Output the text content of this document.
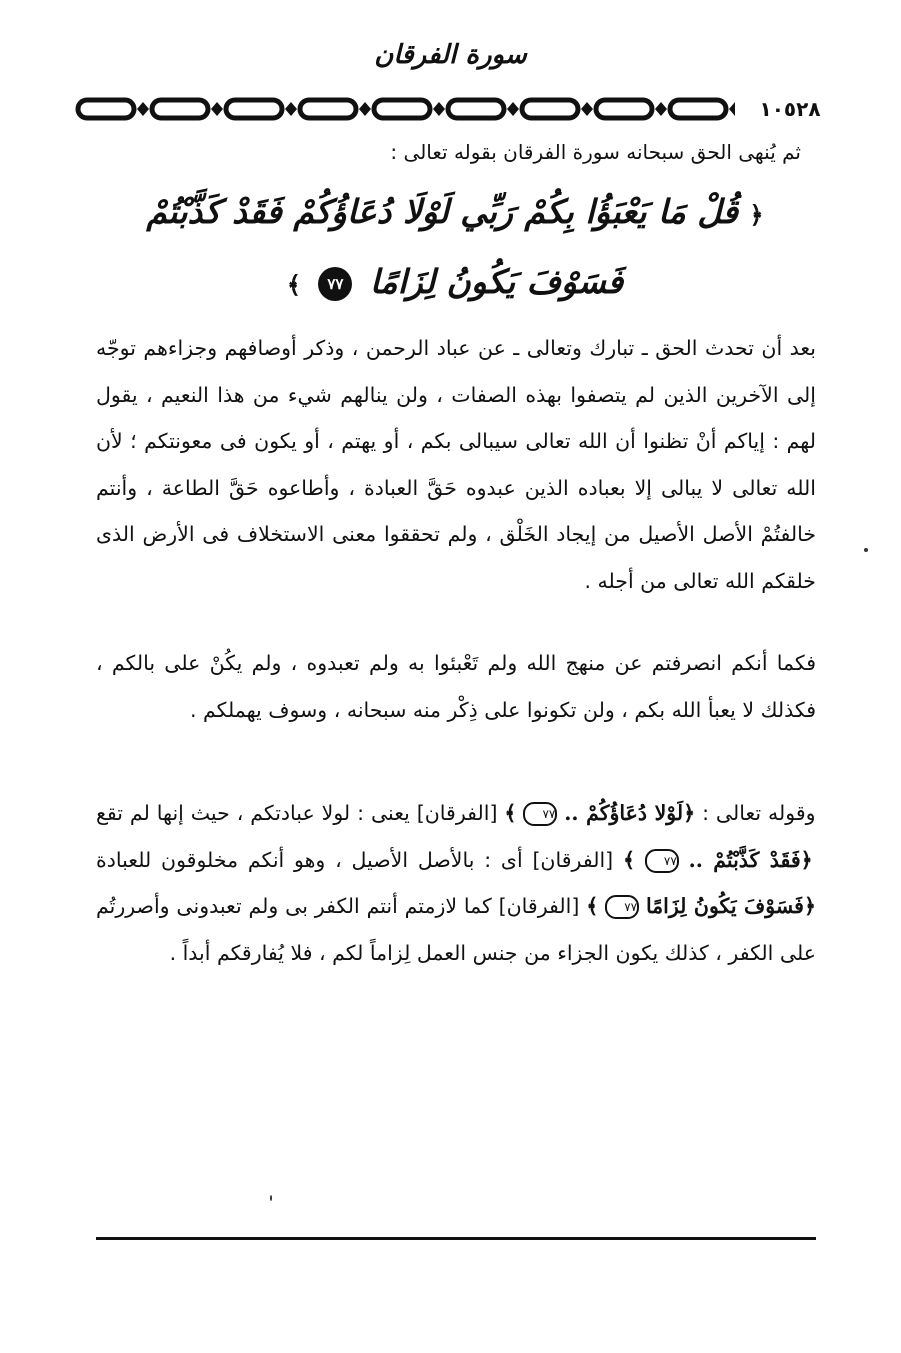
سورة الفرقان
١٠٥٢٨
ثم يُنهى الحق سبحانه سورة الفرقان بقوله تعالى :
﴿ قُلْ مَا يَعْبَؤُا بِكُمْ رَبِّي لَوْلَا دُعَاؤُكُمْ فَقَدْ كَذَّبْتُمْ
فَسَوْفَ يَكُونُ لِزَامًا ٧٧ ﴾

بعد أن تحدث الحق ـ تبارك وتعالى ـ عن عباد الرحمن ، وذكر أوصافهم وجزاءهم توجّه إلى الآخرين الذين لم يتصفوا بهذه الصفات ، ولن ينالهم شيء من هذا النعيم ، يقول لهم : إياكم أنْ تظنوا أن الله تعالى سيبالى بكم ، أو يهتم ، أو يكون فى معونتكم ؛ لأن الله تعالى لا يبالى إلا بعباده الذين عبدوه حَقَّ العبادة ، وأطاعوه حَقَّ الطاعة ، وأنتم خالفتُمْ الأصل الأصيل من إيجاد الخَلْق ، ولم تحققوا معنى الاستخلاف فى الأرض الذى خلقكم الله تعالى من أجله .

فكما أنكم انصرفتم عن منهج الله ولم تَعْبئوا به ولم تعبدوه ، ولم يكُنْ على بالكم ، فكذلك لا يعبأ الله بكم ، ولن تكونوا على ذِكْر منه سبحانه ، وسوف يهملكم .

وقوله تعالى : ﴿لَوْلا دُعَاؤُكُمْ .. ٧٧ ﴾ [الفرقان] يعنى : لولا عبادتكم ، حيث إنها لم تقع ﴿فَقَدْ كَذَّبْتُمْ .. ٧٧ ﴾ [الفرقان] أى : بالأصل الأصيل ، وهو أنكم مخلوقون للعبادة ﴿فَسَوْفَ يَكُونُ لِزَامًا ٧٧ ﴾ [الفرقان] كما لازمتم أنتم الكفر بى ولم تعبدونى وأصررتُم على الكفر ، كذلك يكون الجزاء من جنس العمل لِزاماً لكم ، فلا يُفارقكم أبداً .
